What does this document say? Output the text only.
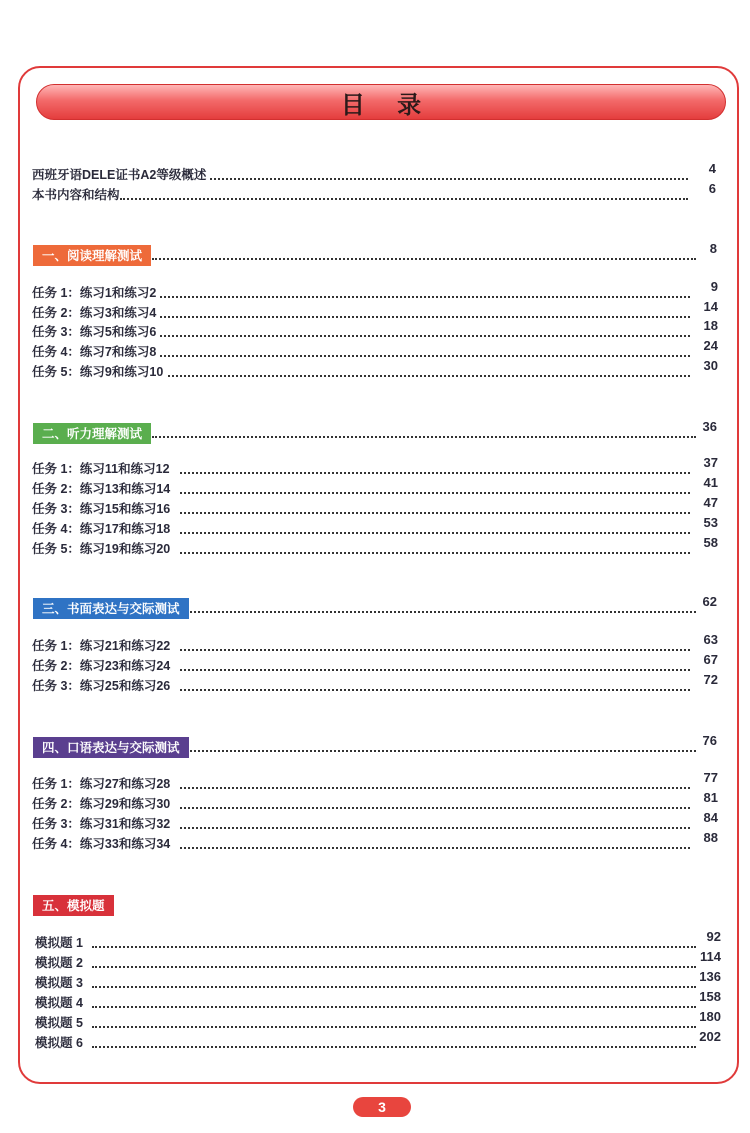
目 录
西班牙语DELE证书A2等级概述	4
本书内容和结构	6
一、阅读理解测试	8
任务 1：练习1和练习2	9
任务 2：练习3和练习4	14
任务 3：练习5和练习6	18
任务 4：练习7和练习8	24
任务 5：练习9和练习10	30
二、听力理解测试	36
任务 1：练习11和练习12	37
任务 2：练习13和练习14	41
任务 3：练习15和练习16	47
任务 4：练习17和练习18	53
任务 5：练习19和练习20	58
三、书面表达与交际测试	62
任务 1：练习21和练习22	63
任务 2：练习23和练习24	67
任务 3：练习25和练习26	72
四、口语表达与交际测试	76
任务 1：练习27和练习28	77
任务 2：练习29和练习30	81
任务 3：练习31和练习32	84
任务 4：练习33和练习34	88
五、模拟题
模拟题 1	92
模拟题 2	114
模拟题 3	136
模拟题 4	158
模拟题 5	180
模拟题 6	202
3
